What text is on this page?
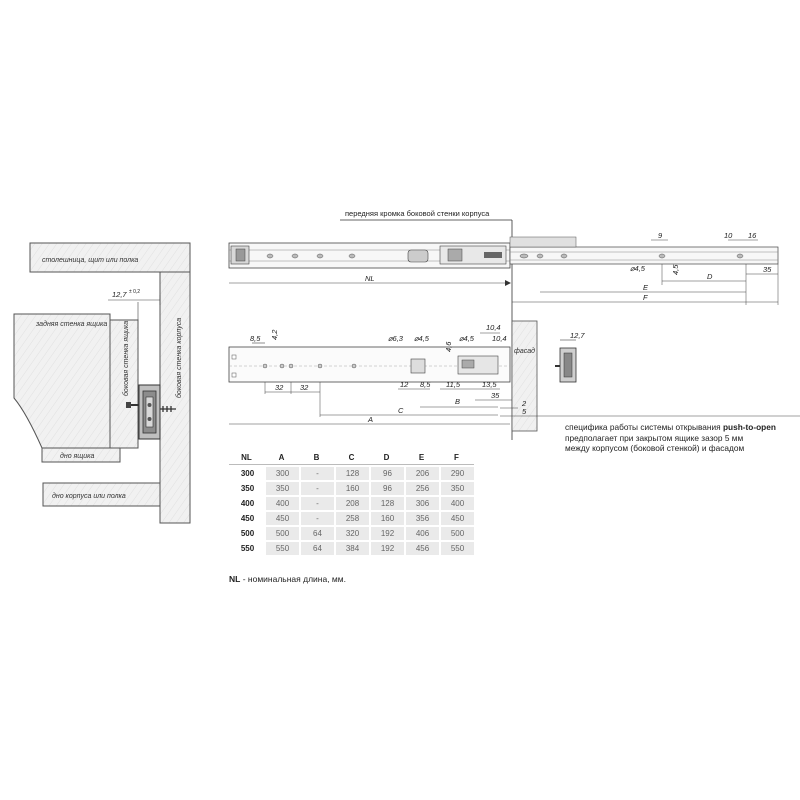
столешница, щит или полка
боковая стенка корпуса
дно корпуса или полка
задняя стенка ящика боковая стенка ящика
дно ящика
12,7 ± 0,2
передняя кромка боковой стенки корпуса
NL
9	10 16
⌀4,5	4,5
D
35
E
F
фасад
12,7
8,5 4,2	⌀6,3 ⌀4,5	⌀4,5
4,6
10,4
10,4
32 32	12 8,5 11,5	13,5
35
B
C
A
2
5
специфика работы системы открывания push-to-open
предполагает при закрытом ящике зазор 5 мм
между корпусом (боковой стенкой) и фасадом
NL	A	B	C	D	E	F
300	300	-	128	96	206	290
350	350	-	160	96	256	350
400	400	-	208	128	306	400
450	450	-	258	160	356	450
500	500	64	320	192	406	500
550	550	64	384	192	456	550
NL - номинальная длина, мм.
